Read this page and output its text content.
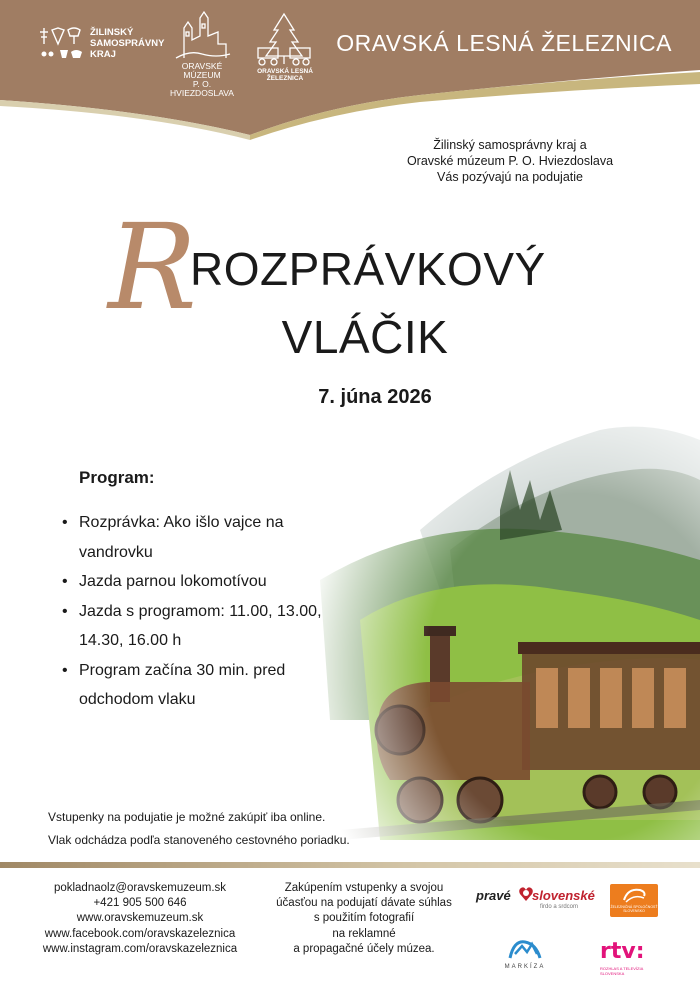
ŽILINSKÝ
SAMOSPRÁVNY
KRAJ
ORAVSKÉ
MÚZEUM
P. O. HVIEZDOSLAVA
ORAVSKÁ LESNÁ
ŽELEZNICA
ORAVSKÁ LESNÁ ŽELEZNICA
Žilinský samosprávny kraj a
Oravské múzeum P. O. Hviezdoslava
Vás pozývajú na podujatie
R
ROZPRÁVKOVÝ
VLÁČIK
7. júna 2026
Program:
• Rozprávka: Ako išlo vajce na vandrovku
• Jazda parnou lokomotívou
• Jazda s programom: 11.00, 13.00, 14.30, 16.00 h
• Program začína 30 min. pred odchodom vlaku
Vstupenky na podujatie je možné zakúpiť iba online.
Vlak odchádza podľa stanoveného cestovného poriadku.
pokladnaolz@oravskemuzeum.sk
+421 905 500 646
www.oravskemuzeum.sk
www.facebook.com/oravskazeleznica
www.instagram.com/oravskazeleznica
Zakúpením vstupenky a svojou
účasťou na podujatí dávate súhlas
s použitím fotografií
na reklamné
a propagačné účely múzea.
pravé slovenské
firdo a srdcom	ŽELEZNIČNÁ SPOLOČNOSŤ SLOVENSKO
MARKÍZA
rtv:
ROZHLAS A TELEVÍZIA SLOVENSKA
